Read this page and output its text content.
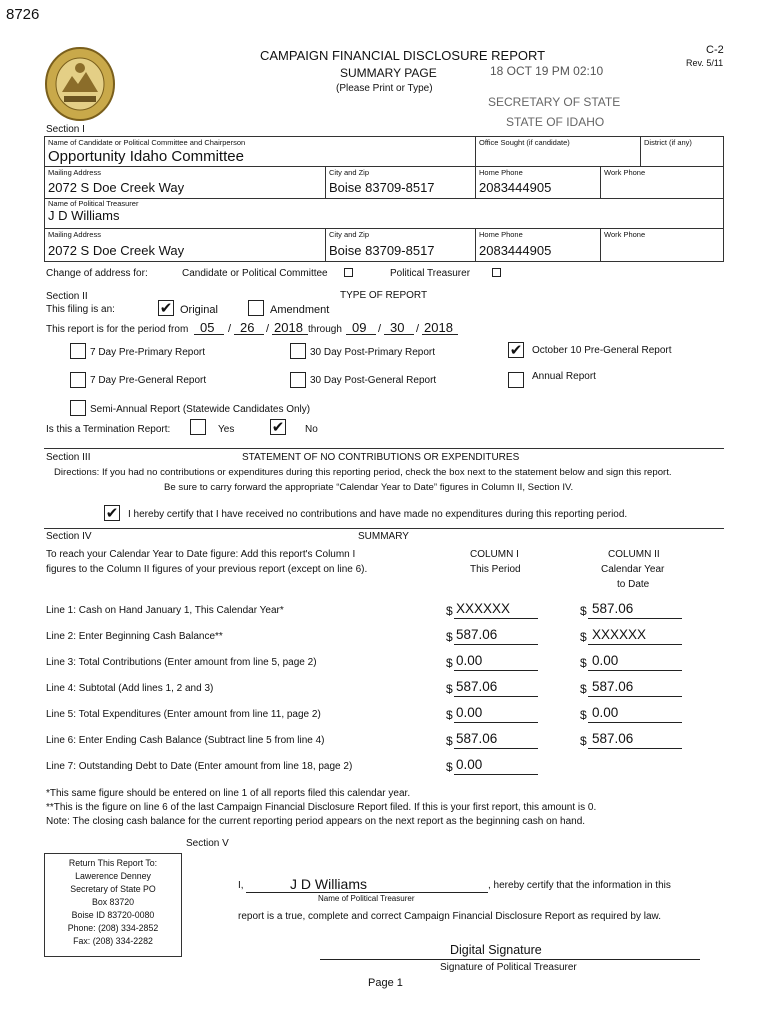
8726
CAMPAIGN FINANCIAL DISCLOSURE REPORT
SUMMARY PAGE
(Please Print or Type)
C-2
Rev. 5/11
18 OCT 19 PM 02:10
SECRETARY OF STATE
STATE OF IDAHO
Section I
Name of Candidate or Political Committee and Chairperson	Office Sought (if candidate)	District (if any)
Opportunity Idaho Committee
Mailing Address	City and Zip	Home Phone	Work Phone
2072 S Doe Creek Way	Boise 83709-8517	2083444905
Name of Political Treasurer
J D Williams
Mailing Address	City and Zip	Home Phone	Work Phone
2072 S Doe Creek Way	Boise 83709-8517	2083444905
Change of address for:	Candidate or Political Committee	Political Treasurer
Section II	TYPE OF REPORT
This filing is an:	✔ Original	Amendment
This report is for the period from 05 / 26 / 2018 through 09 / 30 / 2018
7 Day Pre-Primary Report	30 Day Post-Primary Report	✔ October 10 Pre-General Report
7 Day Pre-General Report	30 Day Post-General Report	Annual Report
Semi-Annual Report (Statewide Candidates Only)
Is this a Termination Report:	Yes ✔ No
Section III	STATEMENT OF NO CONTRIBUTIONS OR EXPENDITURES
Directions: If you had no contributions or expenditures during this reporting period, check the box next to the statement below and sign this report.
Be sure to carry forward the appropriate “Calendar Year to Date” figures in Column II, Section IV.
✔ I hereby certify that I have received no contributions and have made no expenditures during this reporting period.
Section IV	SUMMARY
To reach your Calendar Year to Date figure: Add this report's Column I
figures to the Column II figures of your previous report (except on line 6).
COLUMN I
This Period
COLUMN II
Calendar Year
to Date
Line 1: Cash on Hand January 1, This Calendar Year*	$ XXXXXX	$ 587.06
Line 2: Enter Beginning Cash Balance**	$ 587.06	$ XXXXXX
Line 3: Total Contributions (Enter amount from line 5, page 2)	$ 0.00	$ 0.00
Line 4: Subtotal (Add lines 1, 2 and 3)	$ 587.06	$ 587.06
Line 5: Total Expenditures (Enter amount from line 11, page 2)	$ 0.00	$ 0.00
Line 6: Enter Ending Cash Balance (Subtract line 5 from line 4)	$ 587.06	$ 587.06
Line 7: Outstanding Debt to Date (Enter amount from line 18, page 2)	$ 0.00
*This same figure should be entered on line 1 of all reports filed this calendar year.
**This is the figure on line 6 of the last Campaign Financial Disclosure Report filed. If this is your first report, this amount is 0.
Note: The closing cash balance for the current reporting period appears on the next report as the beginning cash on hand.
Section V
Return This Report To:
Lawerence Denney
Secretary of State PO
Box 83720
Boise ID 83720-0080
Phone: (208) 334-2852
Fax: (208) 334-2282
I,	J D Williams
Name of Political Treasurer
, hereby certify that the information in this
report is a true, complete and correct Campaign Financial Disclosure Report as required by law.
Digital Signature
Signature of Political Treasurer
Page 1
